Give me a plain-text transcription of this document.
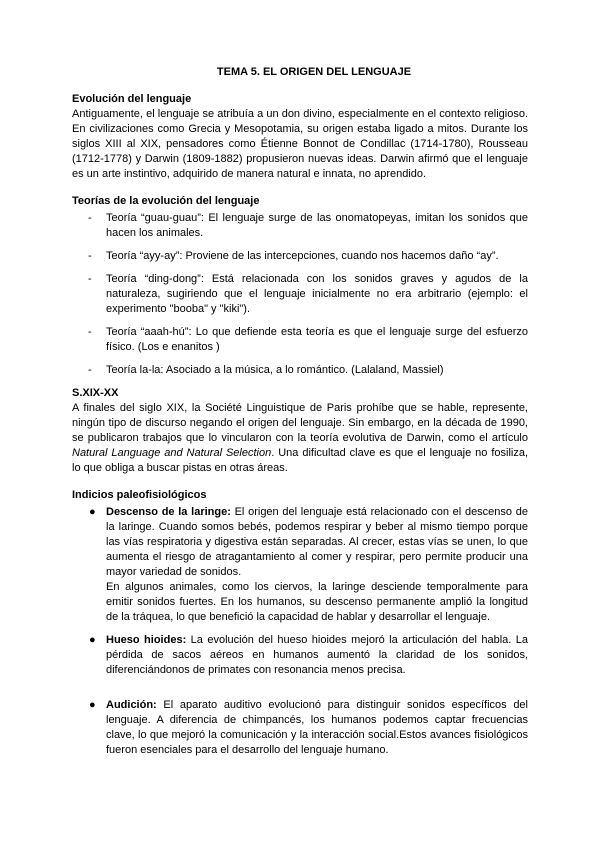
TEMA 5. EL ORIGEN DEL LENGUAJE
Evolución del lenguaje

Antiguamente, el lenguaje se atribuía a un don divino, especialmente en el contexto religioso. En civilizaciones como Grecia y Mesopotamia, su origen estaba ligado a mitos. Durante los siglos XIII al XIX, pensadores como Étienne Bonnot de Condillac (1714-1780), Rousseau (1712-1778) y Darwin (1809-1882) propusieron nuevas ideas. Darwin afirmó que el lenguaje es un arte instintivo, adquirido de manera natural e innata, no aprendido.

Teorías de la evolución del lenguaje
- Teoría “guau-guau”: El lenguaje surge de las onomatopeyas, imitan los sonidos que hacen los animales.
- Teoría “ayy-ay”: Proviene de las intercepciones, cuando nos hacemos daño “ay”.
- Teoría “ding-dong”: Está relacionada con los sonidos graves y agudos de la naturaleza, sugiriendo que el lenguaje inicialmente no era arbitrario (ejemplo: el experimento "booba" y "kiki").
- Teoría “aaah-hú”: Lo que defiende esta teoría es que el lenguaje surge del esfuerzo físico. (Los e enanitos )
- Teoría la-la: Asociado a la música, a lo romántico. (Lalaland, Massiel)
S.XIX-XX

A finales del siglo XIX, la Société Linguistique de Paris prohíbe que se hable, represente, ningún tipo de discurso negando el origen del lenguaje. Sin embargo, en la década de 1990, se publicaron trabajos que lo vincularon con la teoría evolutiva de Darwin, como el artículo Natural Language and Natural Selection. Una dificultad clave es que el lenguaje no fosiliza, lo que obliga a buscar pistas en otras áreas.

Indicios paleofisiológicos
● Descenso de la laringe: El origen del lenguaje está relacionado con el descenso de la laringe. Cuando somos bebés, podemos respirar y beber al mismo tiempo porque las vías respiratoria y digestiva están separadas. Al crecer, estas vías se unen, lo que aumenta el riesgo de atragantamiento al comer y respirar, pero permite producir una mayor variedad de sonidos.
En algunos animales, como los ciervos, la laringe desciende temporalmente para emitir sonidos fuertes. En los humanos, su descenso permanente amplió la longitud de la tráquea, lo que benefició la capacidad de hablar y desarrollar el lenguaje.
● Hueso hioides: La evolución del hueso hioides mejoró la articulación del habla. La pérdida de sacos aéreos en humanos aumentó la claridad de los sonidos, diferenciándonos de primates con resonancia menos precisa.
● Audición: El aparato auditivo evolucionó para distinguir sonidos específicos del lenguaje. A diferencia de chimpancés, los humanos podemos captar frecuencias clave, lo que mejoró la comunicación y la interacción social.Estos avances fisiológicos fueron esenciales para el desarrollo del lenguaje humano.
